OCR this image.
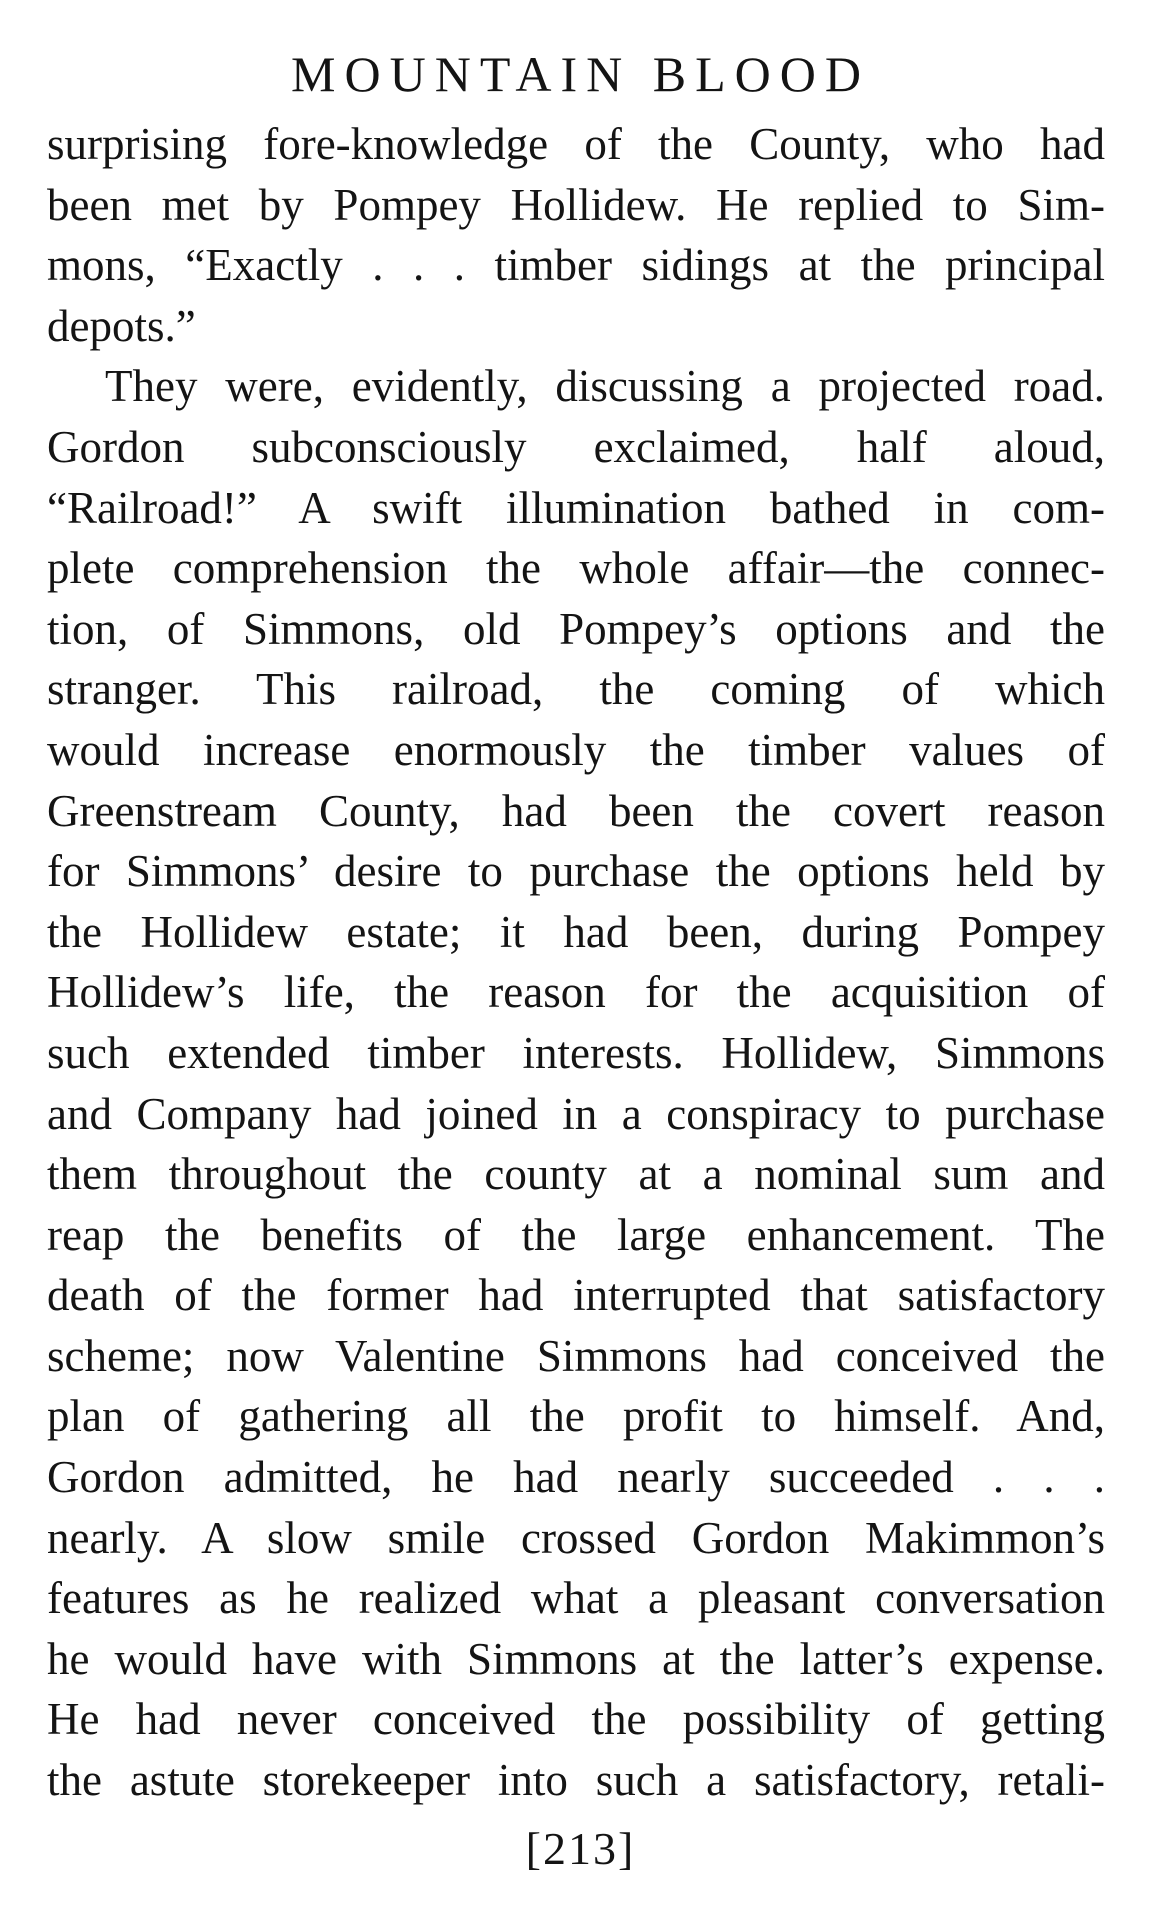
MOUNTAIN BLOOD
surprising fore-knowledge of the County, who had
been met by Pompey Hollidew. He replied to Sim-
mons, “Exactly . . . timber sidings at the principal
depots.”
They were, evidently, discussing a projected road.
Gordon subconsciously exclaimed, half aloud,
“Railroad!” A swift illumination bathed in com-
plete comprehension the whole affair—the connec-
tion, of Simmons, old Pompey’s options and the
stranger. This railroad, the coming of which
would increase enormously the timber values of
Greenstream County, had been the covert reason
for Simmons’ desire to purchase the options held by
the Hollidew estate; it had been, during Pompey
Hollidew’s life, the reason for the acquisition of
such extended timber interests. Hollidew, Simmons
and Company had joined in a conspiracy to purchase
them throughout the county at a nominal sum and
reap the benefits of the large enhancement. The
death of the former had interrupted that satisfactory
scheme; now Valentine Simmons had conceived the
plan of gathering all the profit to himself. And,
Gordon admitted, he had nearly succeeded . . .
nearly. A slow smile crossed Gordon Makimmon’s
features as he realized what a pleasant conversation
he would have with Simmons at the latter’s expense.
He had never conceived the possibility of getting
the astute storekeeper into such a satisfactory, retali-

[213]
